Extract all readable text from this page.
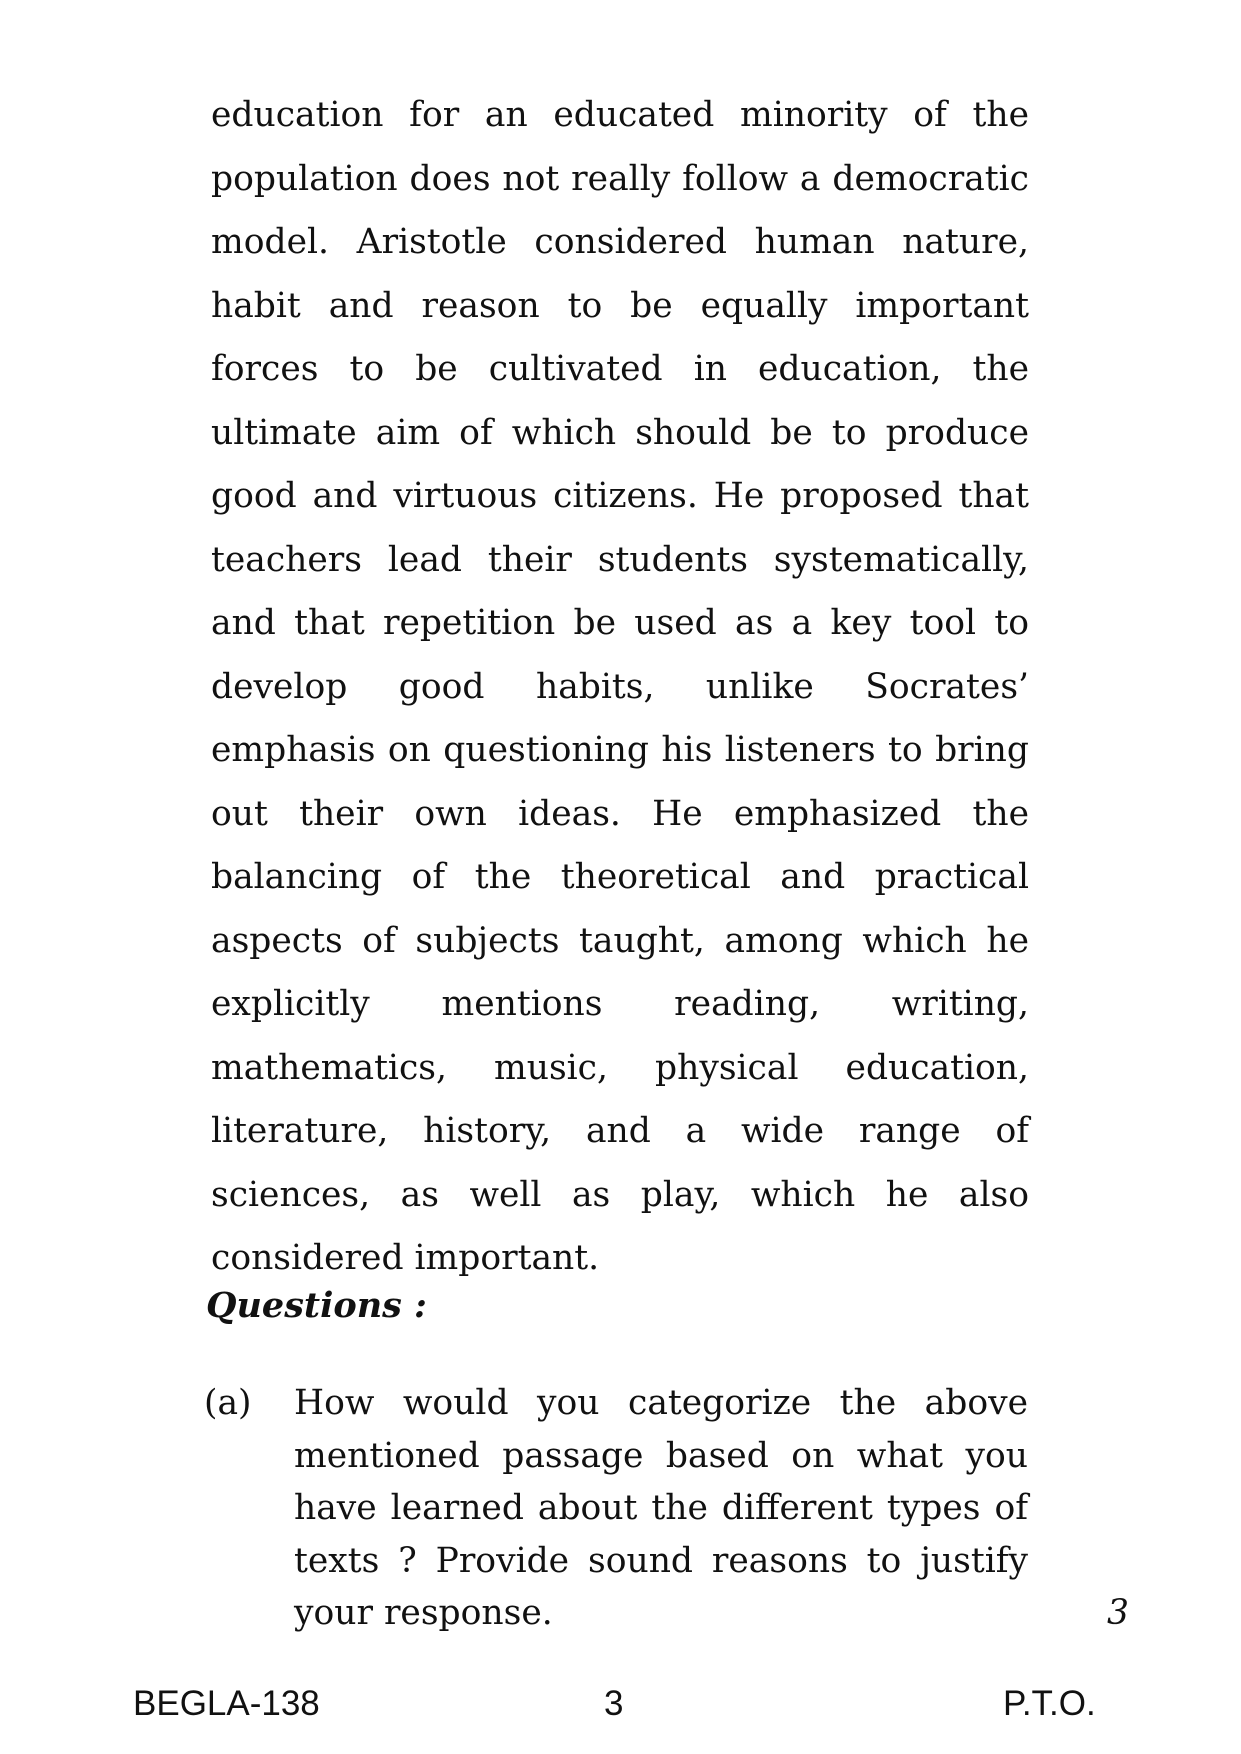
education for an educated minority of the population does not really follow a democratic model. Aristotle considered human nature, habit and reason to be equally important forces to be cultivated in education, the ultimate aim of which should be to produce good and virtuous citizens. He proposed that teachers lead their students systematically, and that repetition be used as a key tool to develop good habits, unlike Socrates’ emphasis on questioning his listeners to bring out their own ideas. He emphasized the balancing of the theoretical and practical aspects of subjects taught, among which he explicitly mentions reading, writing, mathematics, music, physical education, literature, history, and a wide range of sciences, as well as play, which he also considered important.
Questions :
(a) How would you categorize the above mentioned passage based on what you have learned about the different types of texts ? Provide sound reasons to justify your response.	3
BEGLA-138	3	P.T.O.
